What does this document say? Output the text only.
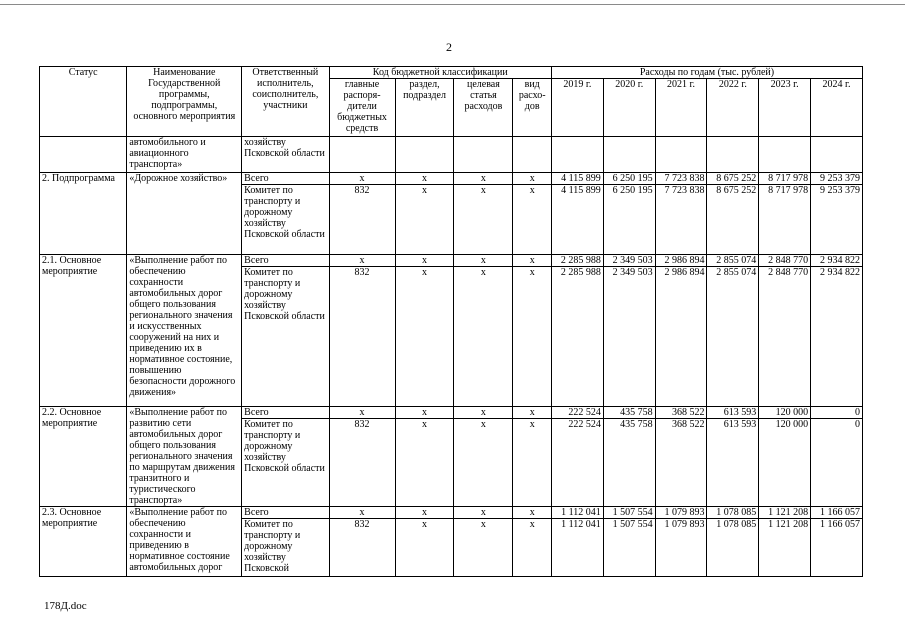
2
Статус	Наименование Государственной программы, подпрограммы, основного мероприятия	Ответственный исполнитель, соисполнитель, участники	Код бюджетной классификации				Расходы по годам (тыс. рублей)					
			главные распоря-дители бюджетных средств	раздел, подраздел	целевая статья расходов	вид расхо-дов	2019 г.	2020 г.	2021 г.	2022 г.	2023 г.	2024 г.
	автомобильного и авиационного транспорта»	хозяйству Псковской области										
2. Подпрограмма	«Дорожное хозяйство»	Всего	х	х	х	х	4 115 899	6 250 195	7 723 838	8 675 252	8 717 978	9 253 379
		Комитет по транспорту и дорожному хозяйству Псковской области	832	х	х	х	4 115 899	6 250 195	7 723 838	8 675 252	8 717 978	9 253 379
2.1. Основное мероприятие	«Выполнение работ по обеспечению сохранности автомобильных дорог общего пользования регионального значения и искусственных сооружений на них и приведению их в нормативное состояние, повышению безопасности дорожного движения»	Всего	х	х	х	х	2 285 988	2 349 503	2 986 894	2 855 074	2 848 770	2 934 822
		Комитет по транспорту и дорожному хозяйству Псковской области	832	х	х	х	2 285 988	2 349 503	2 986 894	2 855 074	2 848 770	2 934 822
2.2. Основное мероприятие	«Выполнение работ по развитию сети автомобильных дорог общего пользования регионального значения по маршрутам движения транзитного и туристического транспорта»	Всего	х	х	х	х	222 524	435 758	368 522	613 593	120 000	0
		Комитет по транспорту и дорожному хозяйству Псковской области	832	х	х	х	222 524	435 758	368 522	613 593	120 000	0
2.3. Основное мероприятие	«Выполнение работ по обеспечению сохранности и приведению в нормативное состояние автомобильных дорог	Всего	х	х	х	х	1 112 041	1 507 554	1 079 893	1 078 085	1 121 208	1 166 057
		Комитет по транспорту и дорожному хозяйству Псковской	832	х	х	х	1 112 041	1 507 554	1 079 893	1 078 085	1 121 208	1 166 057
178Д.doc
